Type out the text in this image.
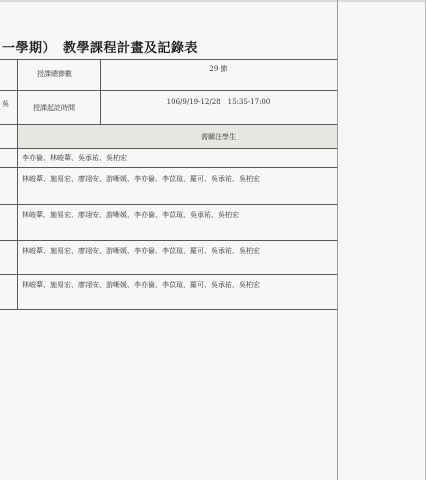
一學期）　教學課程計畫及記錄表
授課總節數
29 節
吳	授課起訖時間
106/9/19-12/28　15:35-17:00
需關注學生
李亦倫、林峻葦、吳承祐、吳柏宏
林峻葦、施易宏、廖翊安、游晰媛、李亦倫、李苡瑄、羅可、吳承祐、吳柏宏
林峻葦、施易宏、廖翊安、游晰媛、李亦倫、李苡瑄、吳承祐、吳柏宏
林峻葦、施易宏、廖翊安、游晰媛、李亦倫、李苡瑄、羅可、吳承祐、吳柏宏
林峻葦、施易宏、廖翊安、游晰媛、李亦倫、李苡瑄、羅可、吳承祐、吳柏宏
